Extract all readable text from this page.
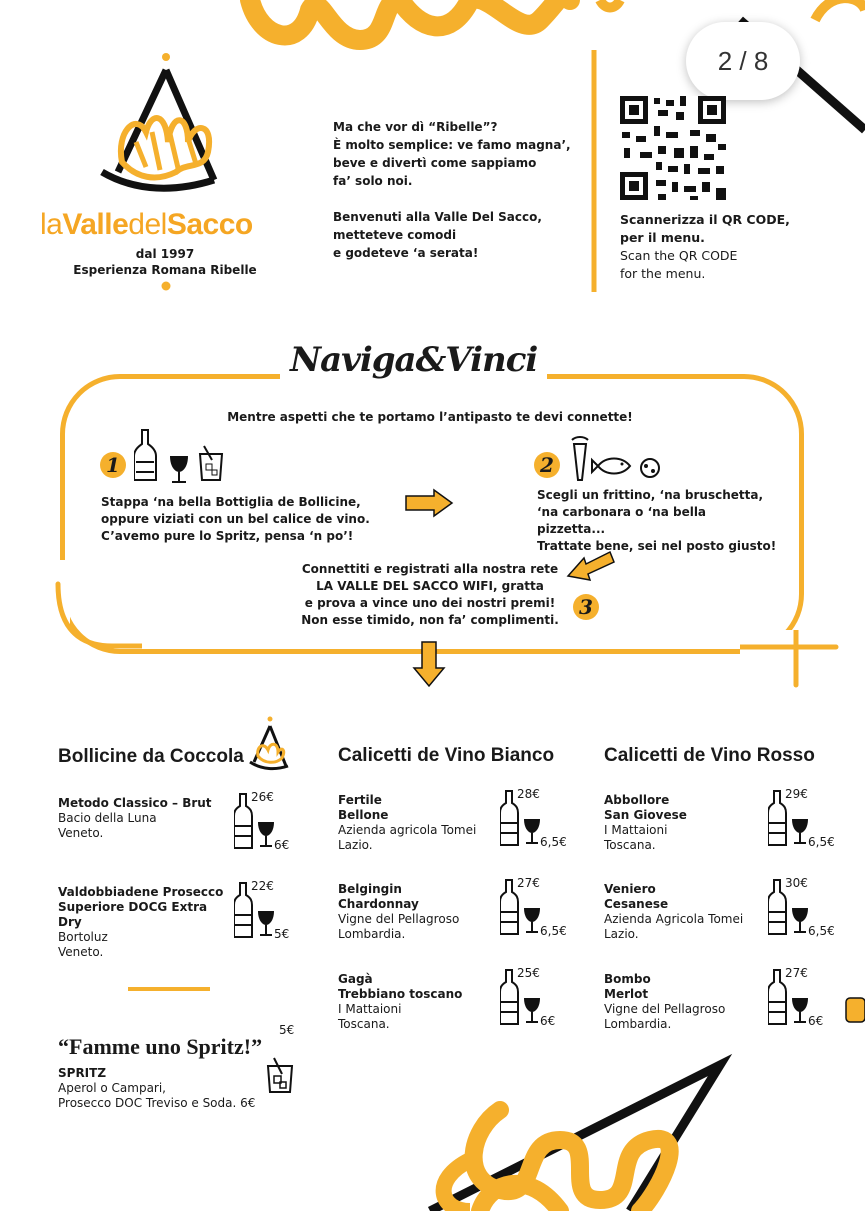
2 / 8
laValledelSacco
dal 1997
Esperienza Romana Ribelle
Ma che vor dì “Ribelle”?
È molto semplice: ve famo magna’,
beve e divertì come sappiamo
fa’ solo noi.
Benvenuti alla Valle Del Sacco,
metteteve comodi
e godeteve ‘a serata!
Scannerizza il QR CODE,
per il menu.
Scan the QR CODE
for the menu.
Naviga&Vinci
Mentre aspetti che te portamo l’antipasto te devi connette!
1
Stappa ‘na bella Bottiglia de Bollicine,
oppure viziati con un bel calice de vino.
C’avemo pure lo Spritz, pensa ‘n po’!
2
Scegli un frittino, ‘na bruschetta,
‘na carbonara o ‘na bella pizzetta...
Trattate bene, sei nel posto giusto!
Connettiti e registrati alla nostra rete
LA VALLE DEL SACCO WIFI, gratta
e prova a vince uno dei nostri premi!
Non esse timido, non fa’ complimenti.
3
Bollicine da Coccola
Metodo Classico – Brut
Bacio della Luna
Veneto.
26€
6€
Valdobbiadene Prosecco
Superiore DOCG Extra Dry
Bortoluz
Veneto.
22€
5€
Fertile
Bellone
Azienda agricola Tomei
Lazio.
28€
6,5€
Belgingin
Chardonnay
Vigne del Pellagroso
Lombardia.
27€
6,5€
Gagà
Trebbiano toscano
I Mattaioni
Toscana.
25€
6€
Abbollore
San Giovese
I Mattaioni
Toscana.
29€
6,5€
Veniero
Cesanese
Azienda Agricola Tomei
Lazio.
30€
6,5€
Bombo
Merlot
Vigne del Pellagroso
Lombardia.
27€
6€
5€
“Famme uno Spritz!”
SPRITZ
Aperol o Campari,
Prosecco DOC Treviso e Soda. 6€
Calicetti de Vino Bianco	Calicetti de Vino Rosso
